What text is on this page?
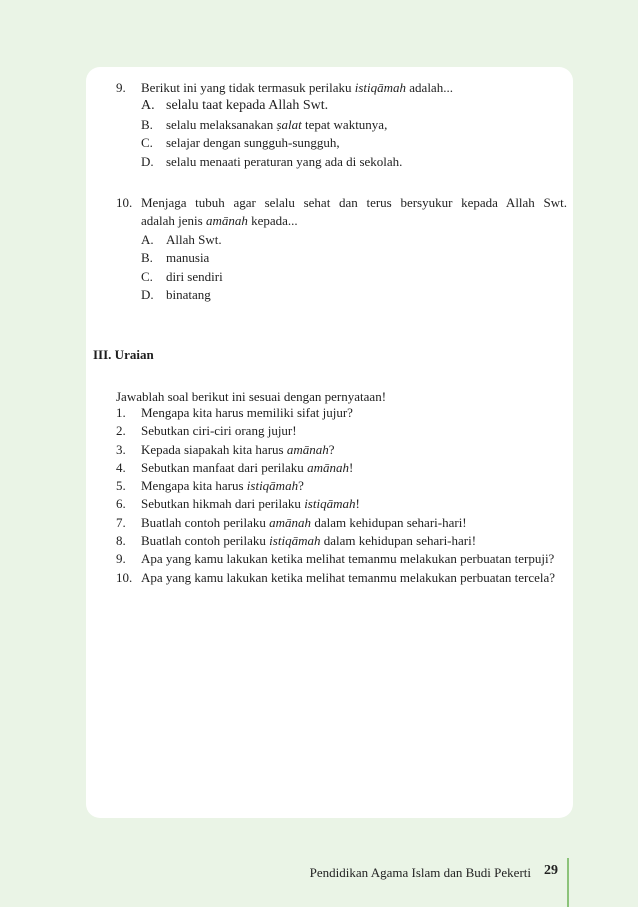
9.	Berikut ini yang tidak termasuk perilaku istiqāmah adalah...
A. selalu taat kepada Allah Swt.
B.	selalu melaksanakan ṣalat tepat waktunya,
C.	selajar dengan sungguh-sungguh,
D. selalu menaati peraturan yang ada di sekolah.
10. Menjaga tubuh agar selalu sehat dan terus bersyukur kepada Allah Swt.
adalah jenis amānah kepada...
A. Allah Swt.
B.	manusia
C.	diri sendiri
D. binatang
III. Uraian
Jawablah soal berikut ini sesuai dengan pernyataan!
1.	Mengapa kita harus memiliki sifat jujur?
2.	Sebutkan ciri-ciri orang jujur!
3.	Kepada siapakah kita harus amānah?
4.	Sebutkan manfaat dari perilaku amānah!
5.	Mengapa kita harus istiqāmah?
6.	Sebutkan hikmah dari perilaku istiqāmah!
7.	Buatlah contoh perilaku amānah dalam kehidupan sehari-hari!
8.	Buatlah contoh perilaku istiqāmah dalam kehidupan sehari-hari!
9.	Apa yang kamu lakukan ketika melihat temanmu melakukan perbuatan terpuji?
10. Apa yang kamu lakukan ketika melihat temanmu melakukan perbuatan tercela?
Pendidikan Agama Islam dan Budi Pekerti 29
